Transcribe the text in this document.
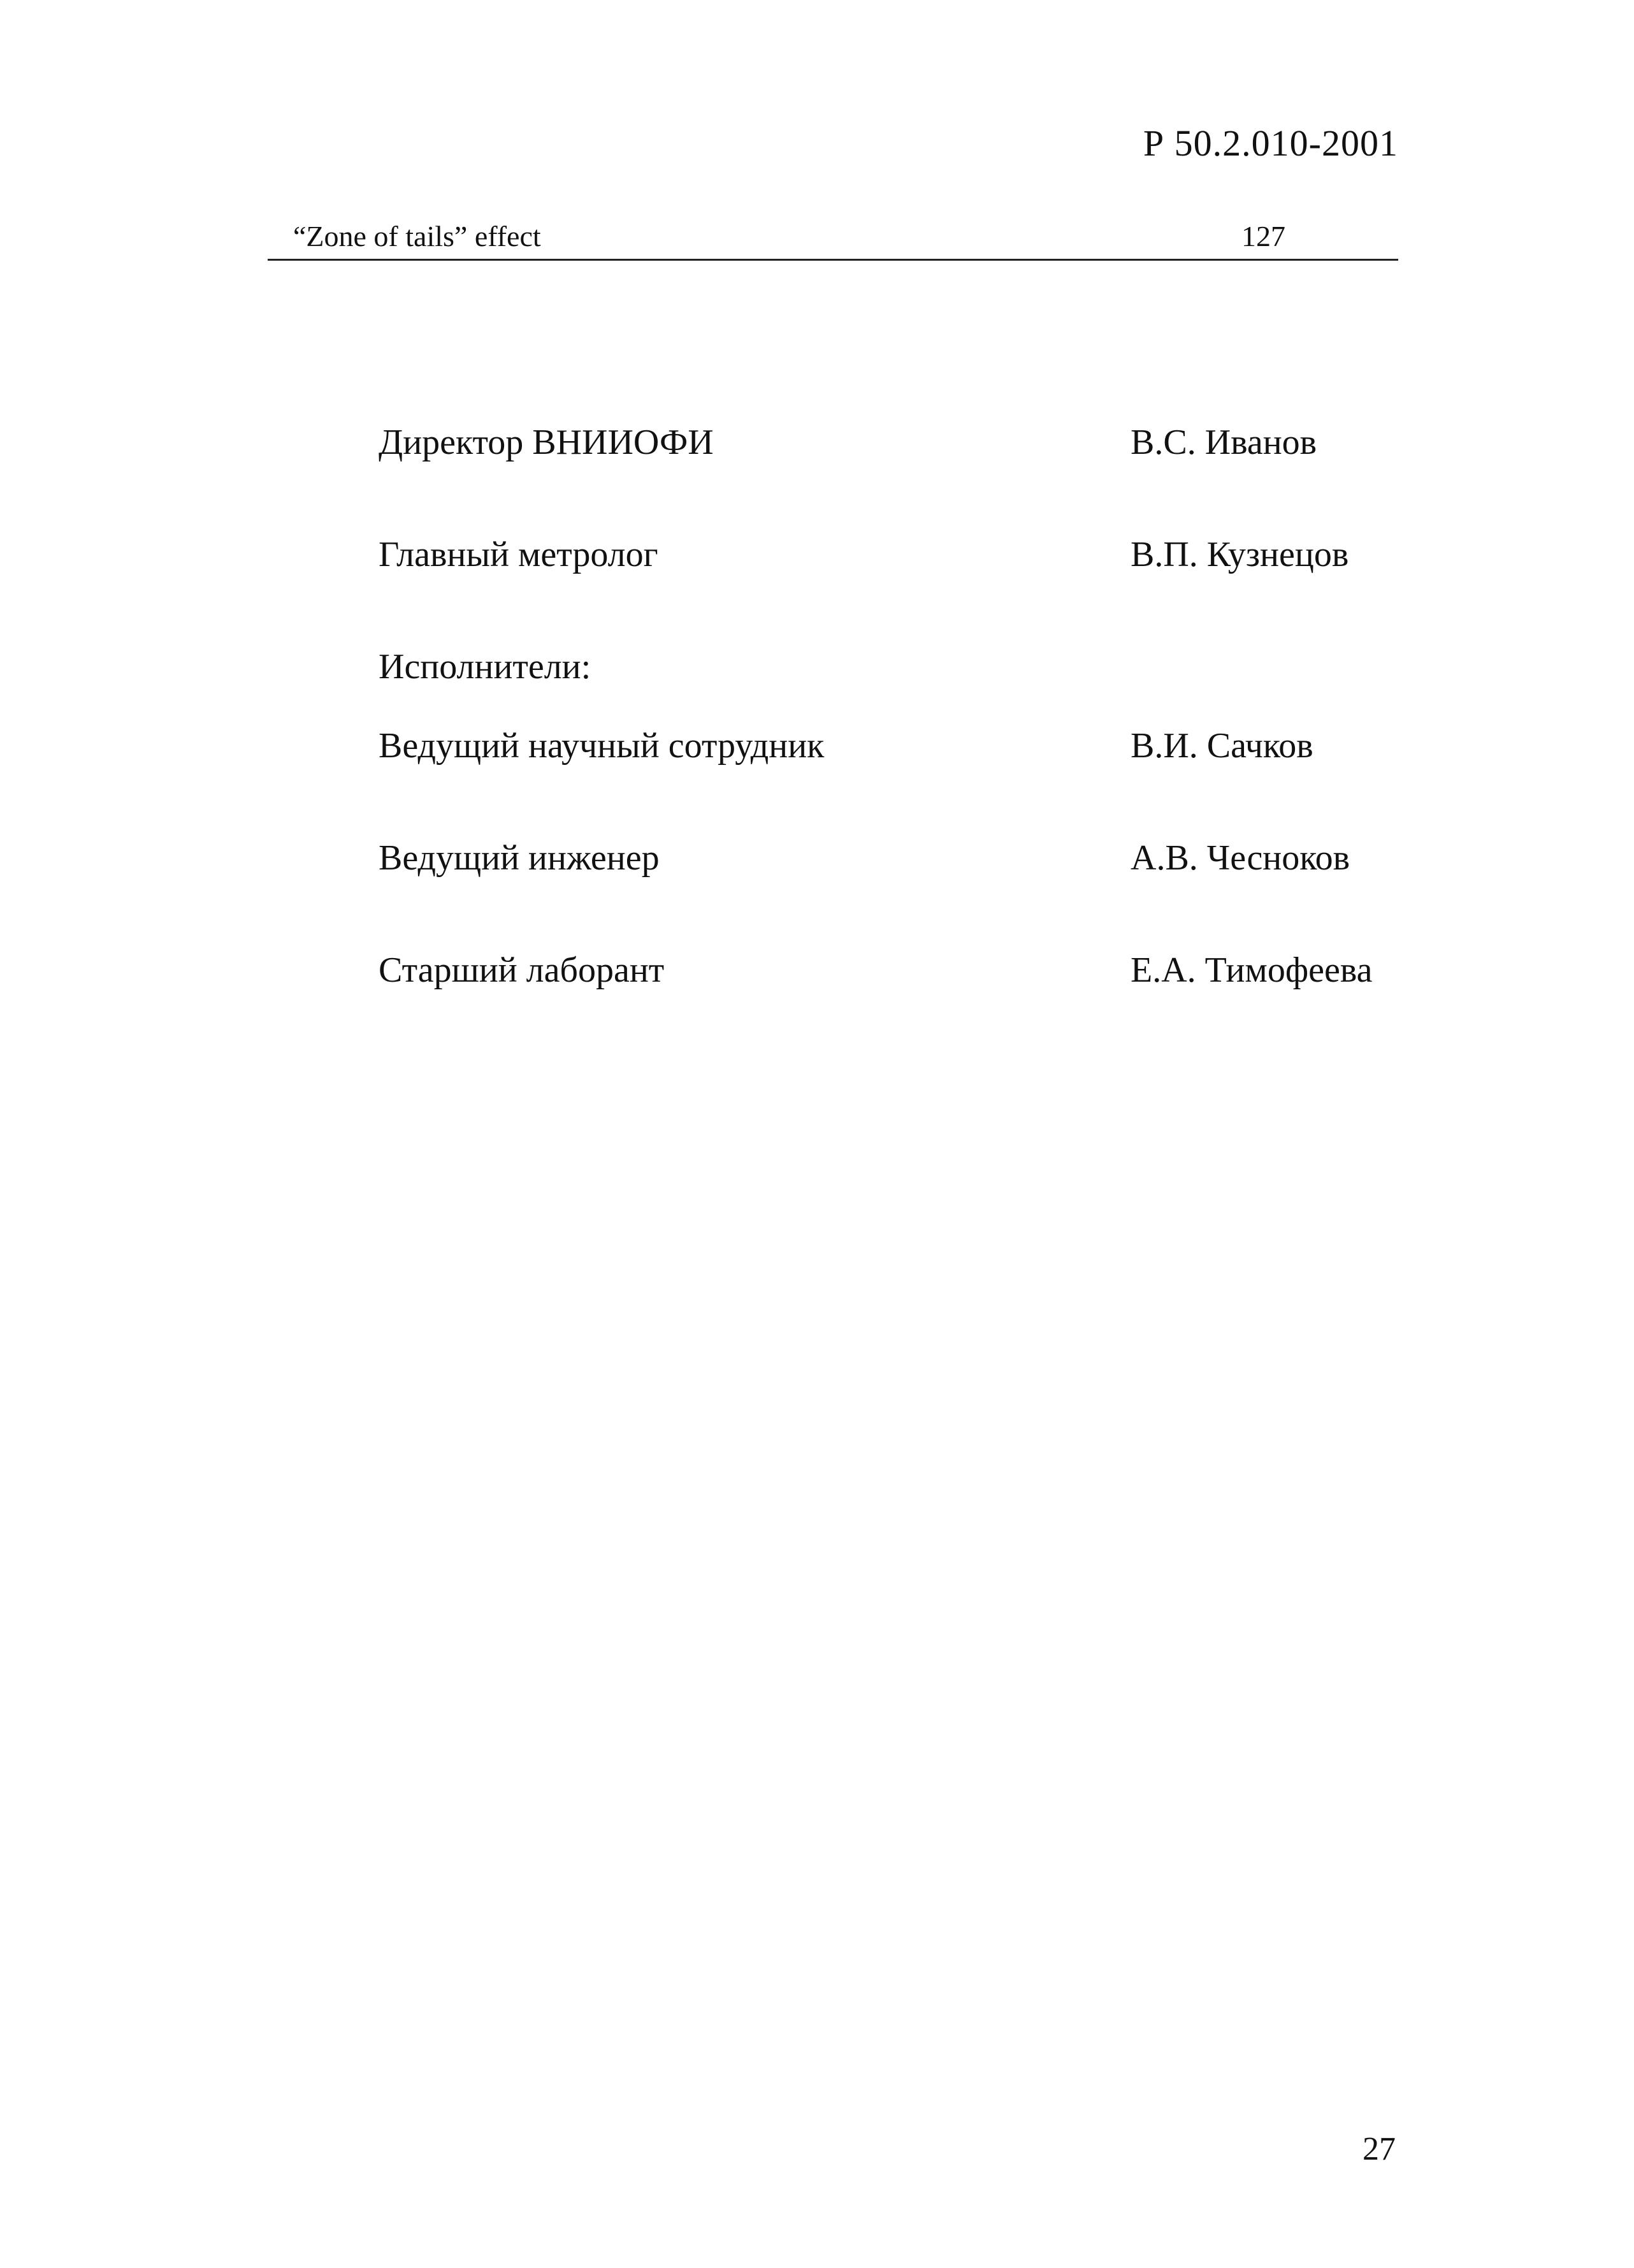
Р 50.2.010-2001
“Zone of tails” effect	127
Директор ВНИИОФИ	В.С. Иванов
Главный метролог	В.П. Кузнецов
Исполнители:
Ведущий научный сотрудник	В.И. Сачков
Ведущий инженер	А.В. Чесноков
Старший лаборант	Е.А. Тимофеева
27
